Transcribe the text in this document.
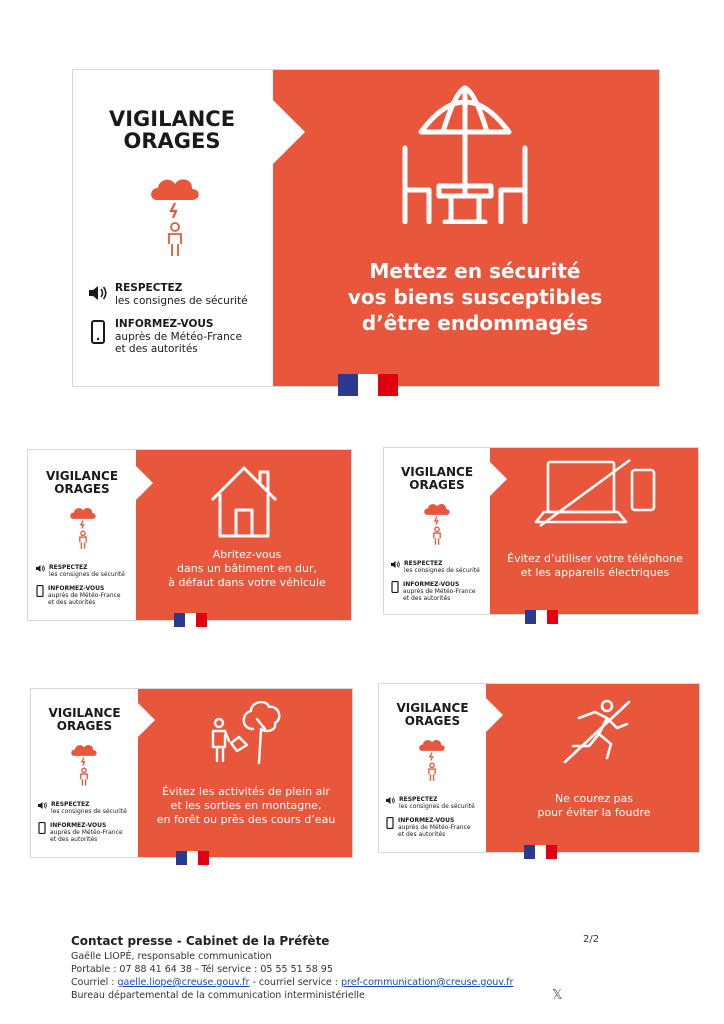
VIGILANCE
ORAGES
RESPECTEZ
les consignes de sécurité
INFORMEZ-VOUS
auprès de Météo-France
et des autorités
Mettez en sécurité
vos biens susceptibles
d’être endommagés
VIGILANCE
ORAGES
RESPECTEZ
les consignes de sécurité
INFORMEZ-VOUS
auprès de Météo-France
et des autorités
Abritez-vous
dans un bâtiment en dur,
à défaut dans votre véhicule
VIGILANCE
ORAGES
RESPECTEZ
les consignes de sécurité
INFORMEZ-VOUS
auprès de Météo-France
et des autorités
Évitez d’utiliser votre téléphone
et les appareils électriques
VIGILANCE
ORAGES
RESPECTEZ
les consignes de sécurité
INFORMEZ-VOUS
auprès de Météo-France
et des autorités
Évitez les activités de plein air
et les sorties en montagne,
en forêt ou près des cours d’eau
VIGILANCE
ORAGES
RESPECTEZ
les consignes de sécurité
INFORMEZ-VOUS
auprès de Météo-France
et des autorités
Ne courez pas
pour éviter la foudre
Contact presse - Cabinet de la Préfète
Gaëlle LIOPÉ, responsable communication
Portable : 07 88 41 64 38 - Tél service : 05 55 51 58 95
Courriel : gaelle.liope@creuse.gouv.fr - courriel service : pref-communication@creuse.gouv.fr
Bureau départemental de la communication interministérielle
2/2
𝕏
